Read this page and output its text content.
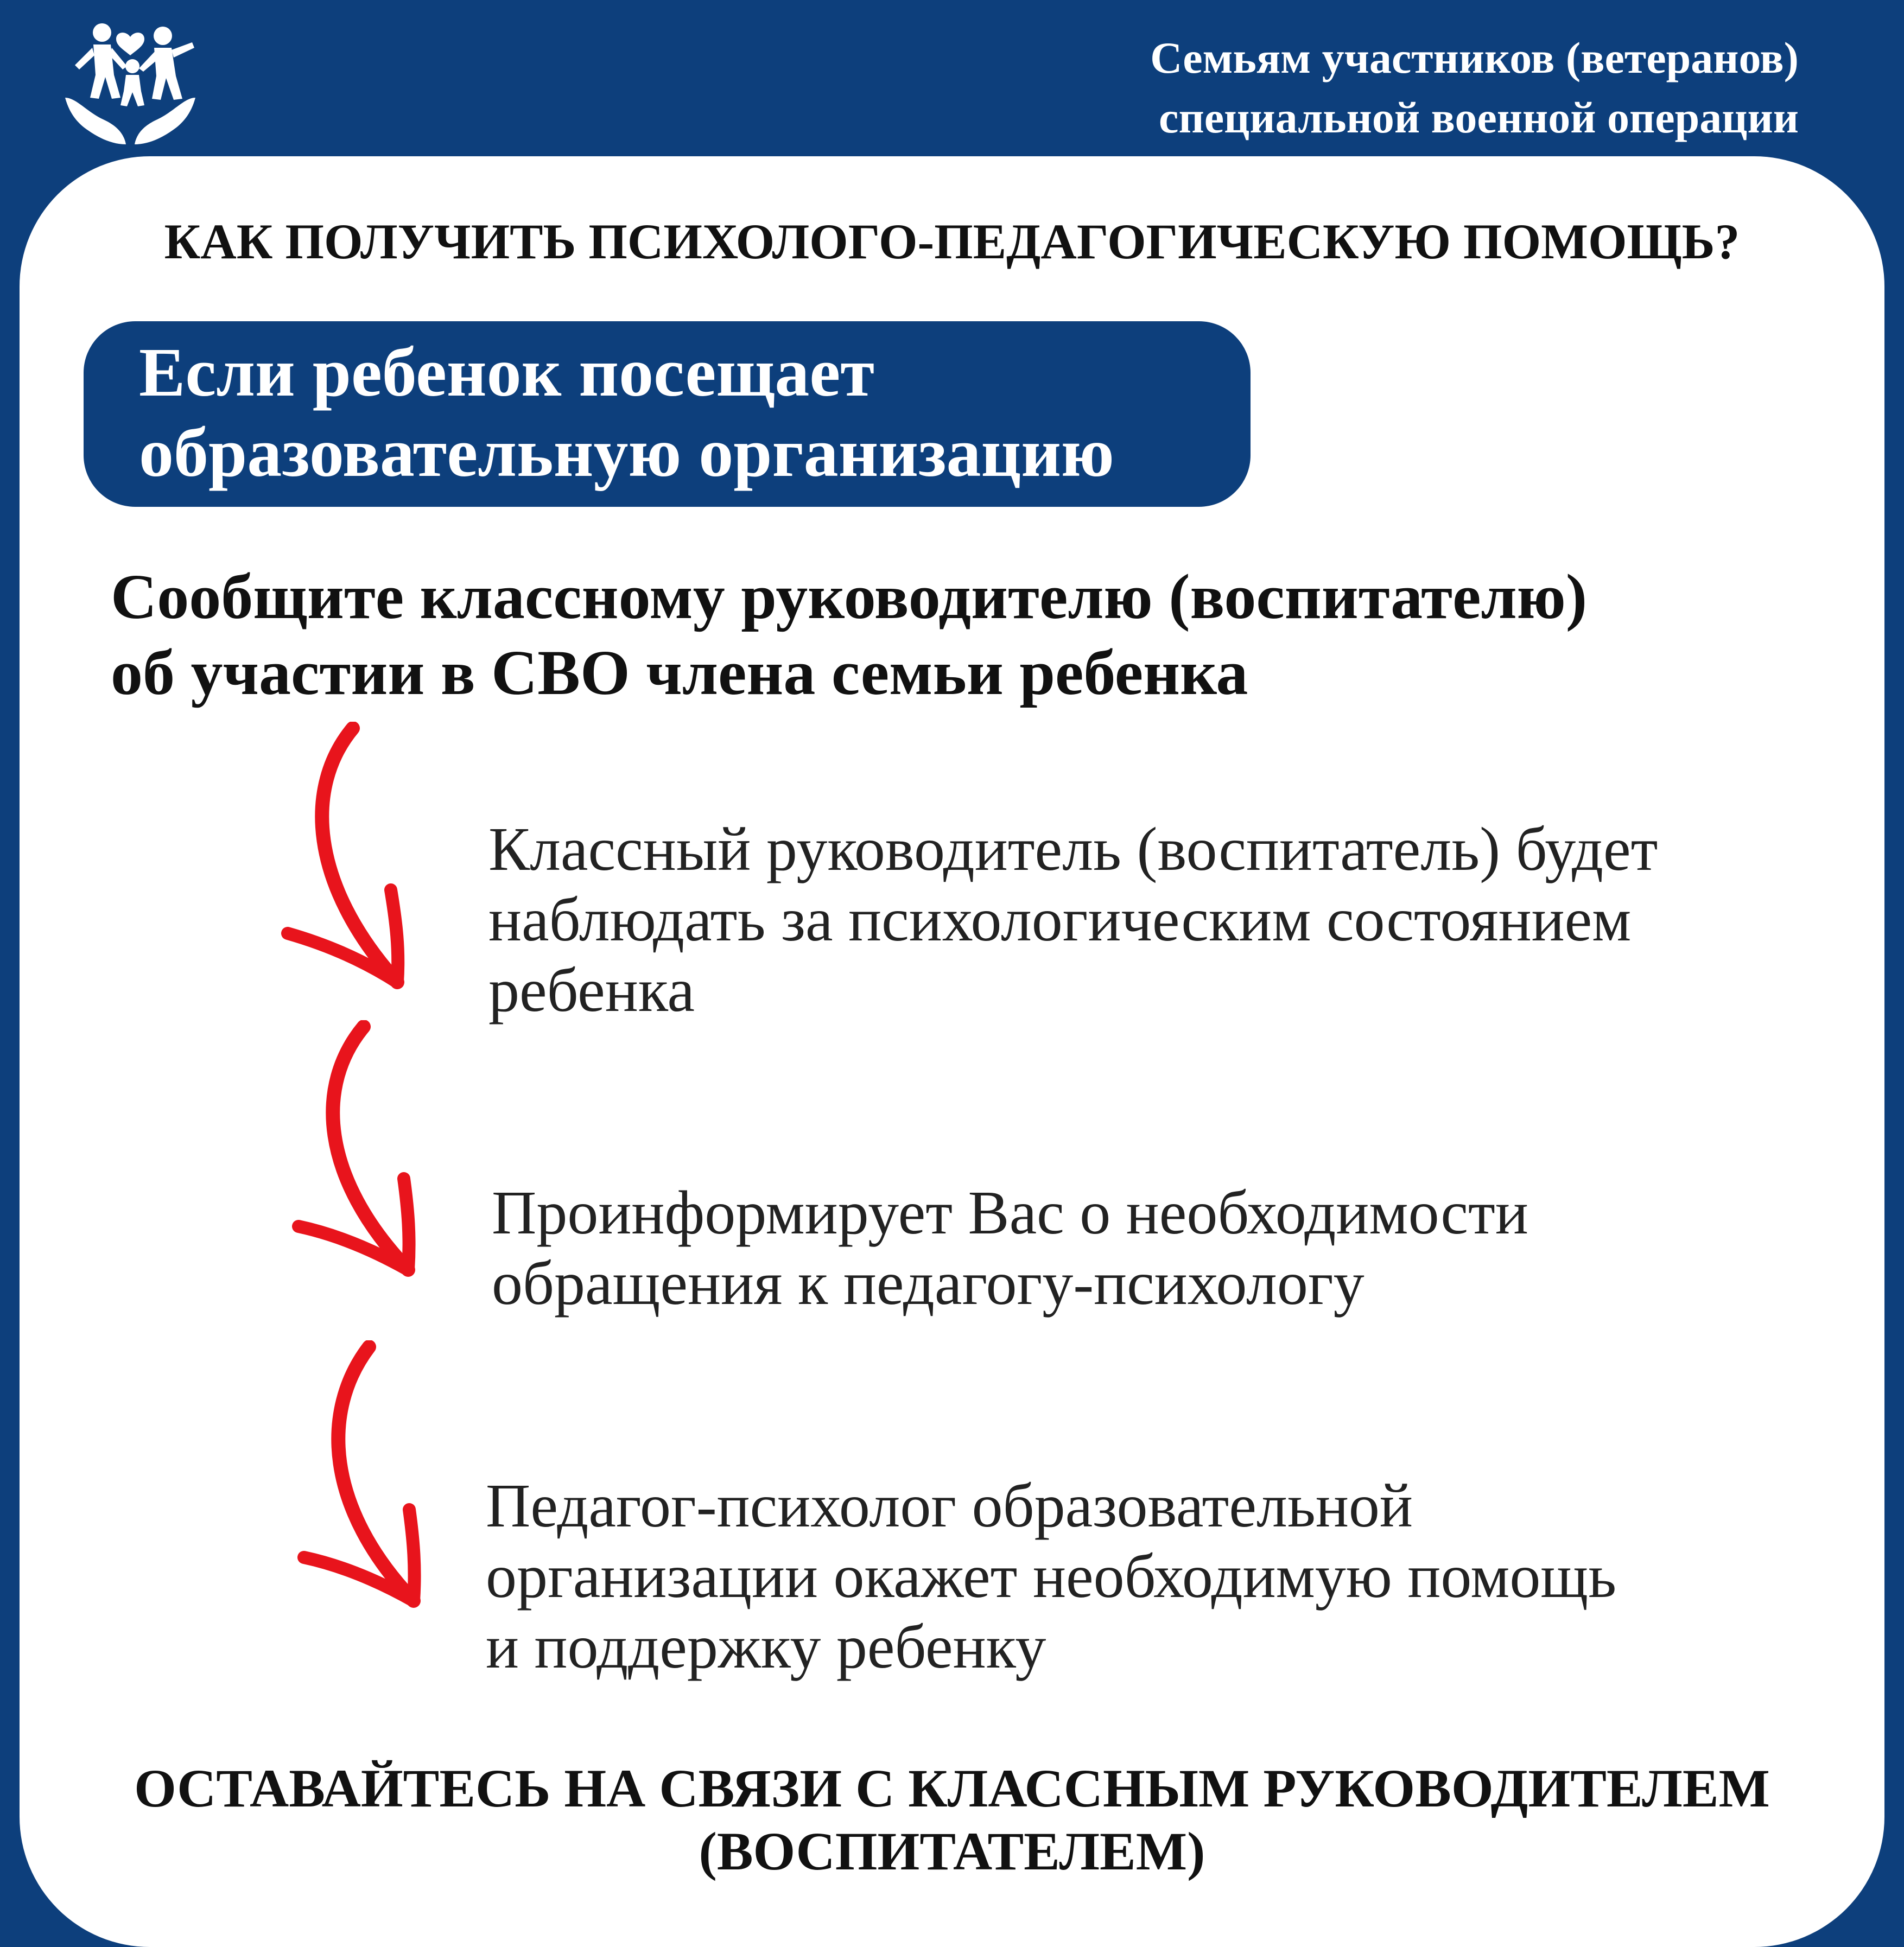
Семьям участников (ветеранов)
специальной военной операции
КАК ПОЛУЧИТЬ ПСИХОЛОГО-ПЕДАГОГИЧЕСКУЮ ПОМОЩЬ?
Если ребенок посещает
образовательную организацию
Сообщите классному руководителю (воспитателю)
об участии в СВО члена семьи ребенка
Классный руководитель (воспитатель) будет
наблюдать за психологическим состоянием
ребенка
Проинформирует Вас о необходимости
обращения к педагогу-психологу
Педагог-психолог образовательной
организации окажет необходимую помощь
и поддержку ребенку
ОСТАВАЙТЕСЬ НА СВЯЗИ С КЛАССНЫМ РУКОВОДИТЕЛЕМ
(ВОСПИТАТЕЛЕМ)
